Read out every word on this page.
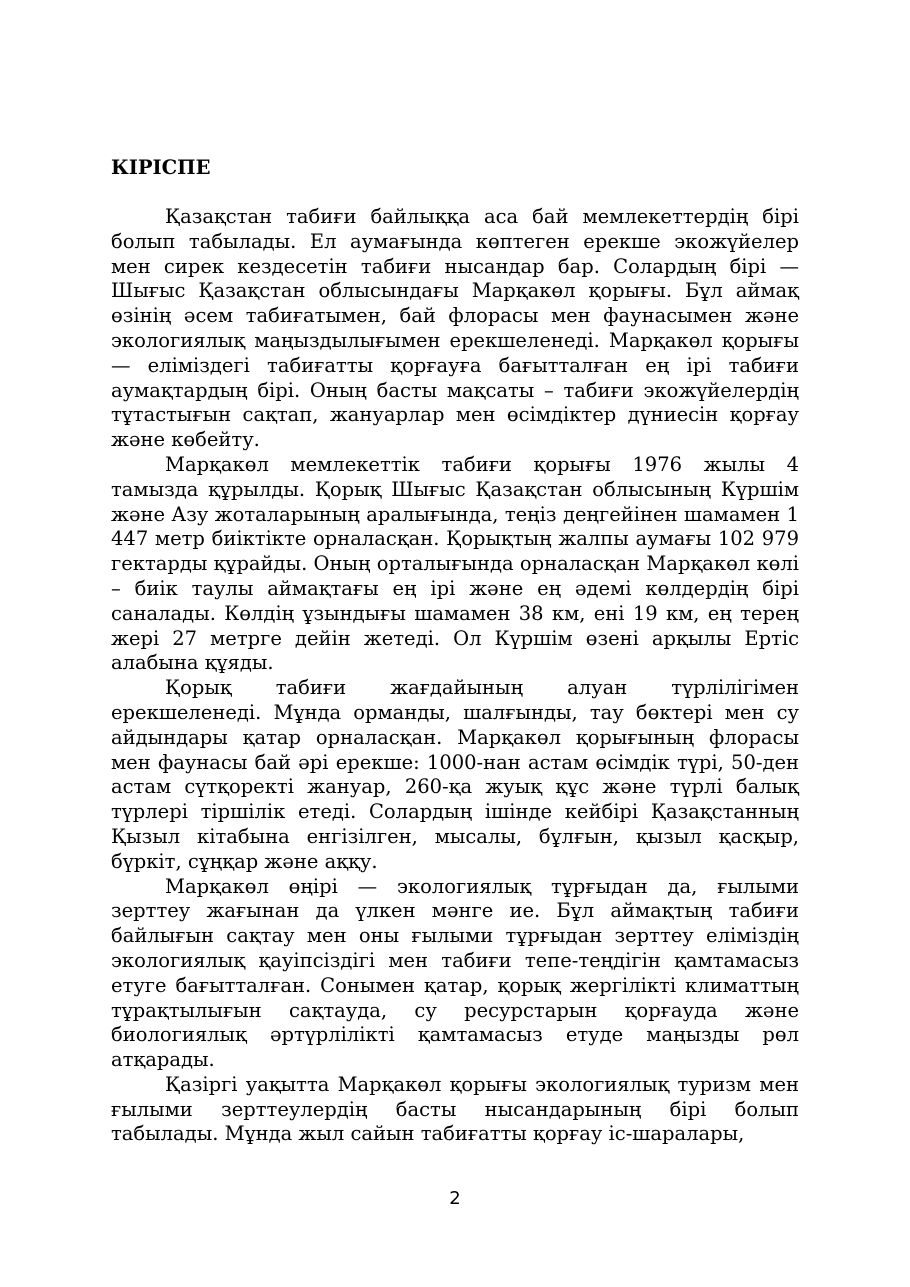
КІРІСПЕ

Қазақстан табиғи байлыққа аса бай мемлекеттердің бірі болып табылады. Ел аумағында көптеген ерекше экожүйелер мен сирек кездесетін табиғи нысандар бар. Солардың бірі — Шығыс Қазақстан облысындағы Марқакөл қорығы. Бұл аймақ өзінің әсем табиғатымен, бай флорасы мен фаунасымен және экологиялық маңыздылығымен ерекшеленеді. Марқакөл қорығы — еліміздегі табиғатты қорғауға бағытталған ең ірі табиғи аумақтардың бірі. Оның басты мақсаты – табиғи экожүйелердің тұтастығын сақтап, жануарлар мен өсімдіктер дүниесін қорғау және көбейту.

Марқакөл мемлекеттік табиғи қорығы 1976 жылы 4 тамызда құрылды. Қорық Шығыс Қазақстан облысының Күршім және Азу жоталарының аралығында, теңіз деңгейінен шамамен 1 447 метр биіктікте орналасқан. Қорықтың жалпы аумағы 102 979 гектарды құрайды. Оның орталығында орналасқан Марқакөл көлі – биік таулы аймақтағы ең ірі және ең әдемі көлдердің бірі саналады. Көлдің ұзындығы шамамен 38 км, ені 19 км, ең терең жері 27 метрге дейін жетеді. Ол Күршім өзені арқылы Ертіс алабына құяды.

Қорық табиғи жағдайының алуан түрлілігімен ерекшеленеді. Мұнда орманды, шалғынды, тау бөктері мен су айдындары қатар орналасқан. Марқакөл қорығының флорасы мен фаунасы бай әрі ерекше: 1000-нан астам өсімдік түрі, 50-ден астам сүтқоректі жануар, 260-қа жуық құс және түрлі балық түрлері тіршілік етеді. Солардың ішінде кейбірі Қазақстанның Қызыл кітабына енгізілген, мысалы, бұлғын, қызыл қасқыр, бүркіт, сұңқар және аққу.

Марқакөл өңірі — экологиялық тұрғыдан да, ғылыми зерттеу жағынан да үлкен мәнге ие. Бұл аймақтың табиғи байлығын сақтау мен оны ғылыми тұрғыдан зерттеу еліміздің экологиялық қауіпсіздігі мен табиғи тепе-теңдігін қамтамасыз етуге бағытталған. Сонымен қатар, қорық жергілікті климаттың тұрақтылығын сақтауда, су ресурстарын қорғауда және биологиялық әртүрлілікті қамтамасыз етуде маңызды рөл атқарады.

Қазіргі уақытта Марқакөл қорығы экологиялық туризм мен ғылыми зерттеулердің басты нысандарының бірі болып табылады. Мұнда жыл сайын табиғатты қорғау іс-шаралары,

2
